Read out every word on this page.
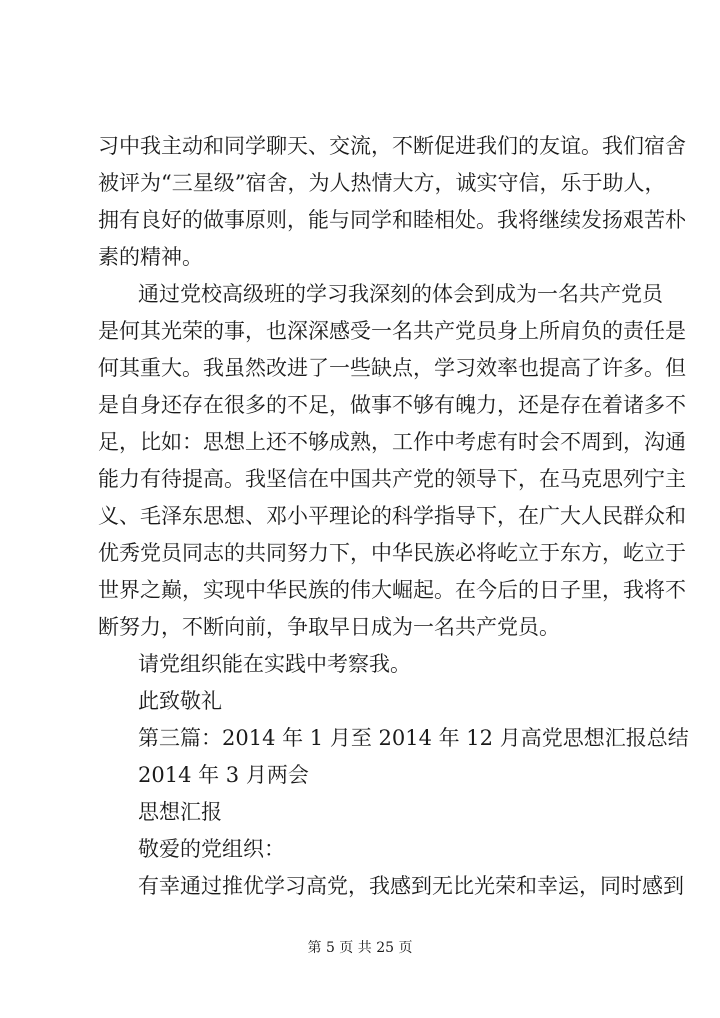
习中我主动和同学聊天、交流，不断促进我们的友谊。我们宿舍
被评为“三星级”宿舍，为人热情大方，诚实守信，乐于助人，
拥有良好的做事原则，能与同学和睦相处。我将继续发扬艰苦朴
素的精神。
通过党校高级班的学习我深刻的体会到成为一名共产党员
是何其光荣的事，也深深感受一名共产党员身上所肩负的责任是
何其重大。我虽然改进了一些缺点，学习效率也提高了许多。但
是自身还存在很多的不足，做事不够有魄力，还是存在着诸多不
足，比如：思想上还不够成熟，工作中考虑有时会不周到，沟通
能力有待提高。我坚信在中国共产党的领导下，在马克思列宁主
义、毛泽东思想、邓小平理论的科学指导下，在广大人民群众和
优秀党员同志的共同努力下，中华民族必将屹立于东方，屹立于
世界之巅，实现中华民族的伟大崛起。在今后的日子里，我将不
断努力，不断向前，争取早日成为一名共产党员。
请党组织能在实践中考察我。
此致敬礼
第三篇：2014 年 1 月至 2014 年 12 月高党思想汇报总结
2014 年 3 月两会
思想汇报
敬爱的党组织：
有幸通过推优学习高党，我感到无比光荣和幸运，同时感到
第 5 页 共 25 页
